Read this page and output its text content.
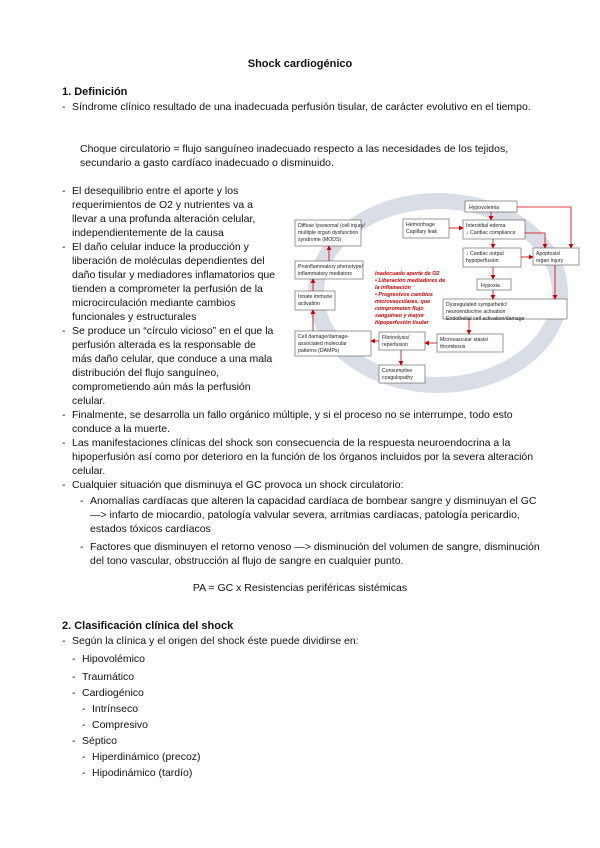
Shock cardiogénico
1. Definición
- Síndrome clínico resultado de una inadecuada perfusión tisular, de carácter evolutivo en el tiempo.
Choque circulatorio = flujo sanguíneo inadecuado respecto a las necesidades de los tejidos, secundario a gasto cardíaco inadecuado o disminuido.
- El desequilibrio entre el aporte y los requerimientos de O2 y nutrientes va a llevar a una profunda alteración celular, independientemente de la causa
- El daño celular induce la producción y liberación de moléculas dependientes del daño tisular y mediadores inflamatorios que tienden a comprometer la perfusión de la microcirculación mediante cambios funcionales y estructurales
- Se produce un “círculo vicioso” en el que la perfusión alterada es la responsable de más daño celular, que conduce a una mala distribución del flujo sanguíneo, comprometiendo aún más la perfusión celular.
- Finalmente, se desarrolla un fallo orgánico múltiple, y si el proceso no se interrumpe, todo esto conduce a la muerte.
- Las manifestaciones clínicas del shock son consecuencia de la respuesta neuroendocrina a la hipoperfusión así como por deterioro en la función de los órganos incluidos por la severa alteración celular.
- Cualquier situación que disminuya el GC provoca un shock circulatorio:
- Anomalías cardíacas que alteren la capacidad cardíaca de bombear sangre y disminuyan el GC —> infarto de miocardio, patología valvular severa, arritmias cardíacas, patología pericardio, estados tóxicos cardíacos
- Factores que disminuyen el retorno venoso —> disminución del volumen de sangre, disminución del tono vascular, obstrucción al flujo de sangre en cualquier punto.
PA = GC x Resistencias periféricas sistémicas
2. Clasificación clínica del shock
- Según la clínica y el origen del shock éste puede dividirse en:
- Hipovolémico
- Traumático
- Cardiogénico
- Intrínseco
- Compresivo
- Séptico
- Hiperdinámico (precoz)
- Hipodinámico (tardío)
Hypovolemia
Diffuse lysosomal (cell injury/
multiple organ dysfunction
syndrome (MODS)
Hemorrhage
Capillary leak
Interstitial edema
↓ Cardiac compliance
Proinflammatory phenotype/
inflammatory mediators
↓ Cardiac output
hypoperfusion
Apoptosis/
organ injury
Innate immune
activation
Hypoxia
Dysregulated sympathetic/
neuroendocrine activation
Endothelial cell activation/damage
Cell damage/damage-
associated molecular
patterns (DAMPs)
Fibrinolysis/
reperfusion
Microvascular stasis/
thrombosis
Consumptive
coagulopathy
Inadecuado aporte de O2
• Liberación mediadores de
la inflamación
• Progresivos cambios
microvasculares, que
comprometen flujo
sanguíneo y mayor
hipoperfusión tisular
